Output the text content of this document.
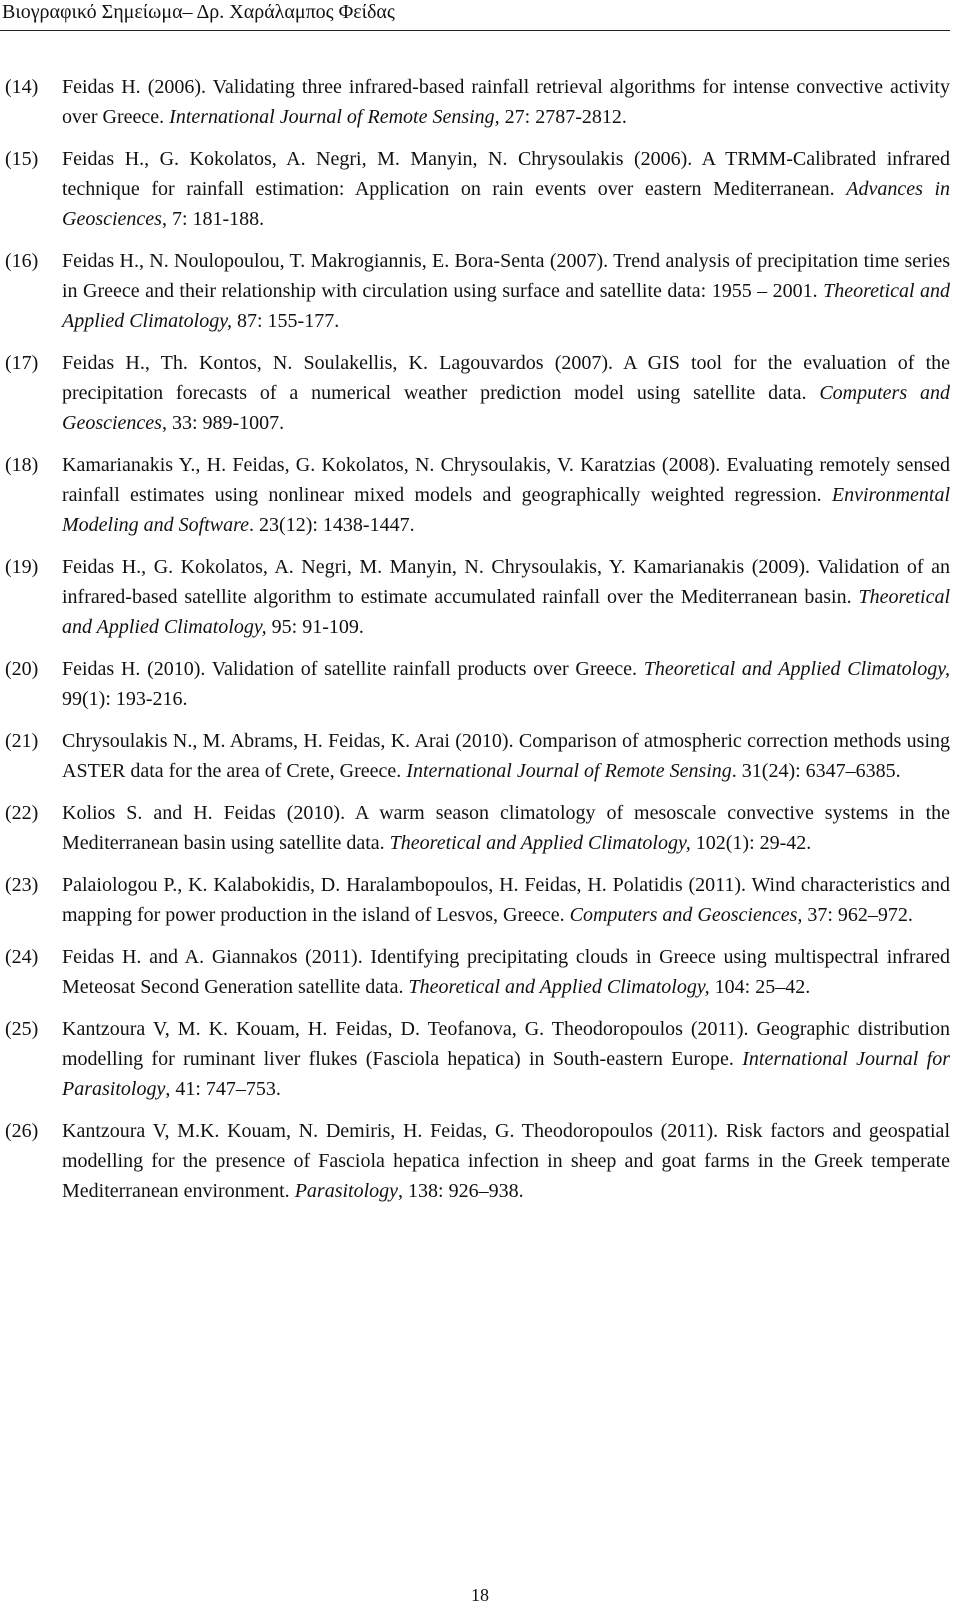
Βιογραφικό Σημείωμα– Δρ. Χαράλαμπος Φείδας
(14)	Feidas H. (2006). Validating three infrared-based rainfall retrieval algorithms for intense convective activity over Greece. International Journal of Remote Sensing, 27: 2787-2812.
(15)	Feidas H., G. Kokolatos, A. Negri, M. Manyin, N. Chrysoulakis (2006). A TRMM-Calibrated infrared technique for rainfall estimation: Application on rain events over eastern Mediterranean. Advances in Geosciences, 7: 181-188.
(16)	Feidas H., N. Noulopoulou, T. Makrogiannis, E. Bora-Senta (2007). Trend analysis of precipitation time series in Greece and their relationship with circulation using surface and satellite data: 1955 – 2001. Theoretical and Applied Climatology, 87: 155-177.
(17)	Feidas H., Th. Kontos, N. Soulakellis, K. Lagouvardos (2007). A GIS tool for the evaluation of the precipitation forecasts of a numerical weather prediction model using satellite data. Computers and Geosciences, 33: 989-1007.
(18)	Kamarianakis Y., H. Feidas, G. Kokolatos, N. Chrysoulakis, V. Karatzias (2008). Evaluating remotely sensed rainfall estimates using nonlinear mixed models and geographically weighted regression. Environmental Modeling and Software. 23(12): 1438-1447.
(19)	Feidas H., G. Kokolatos, A. Negri, M. Manyin, N. Chrysoulakis, Y. Kamarianakis (2009). Validation of an infrared-based satellite algorithm to estimate accumulated rainfall over the Mediterranean basin. Theoretical and Applied Climatology, 95: 91-109.
(20)	Feidas H. (2010). Validation of satellite rainfall products over Greece. Theoretical and Applied Climatology, 99(1): 193-216.
(21)	Chrysoulakis N., M. Abrams, H. Feidas, K. Arai (2010). Comparison of atmospheric correction methods using ASTER data for the area of Crete, Greece. International Journal of Remote Sensing. 31(24): 6347–6385.
(22)	Kolios S. and H. Feidas (2010). A warm season climatology of mesoscale convective systems in the Mediterranean basin using satellite data. Theoretical and Applied Climatology, 102(1): 29-42.
(23)	Palaiologou P., K. Kalabokidis, D. Haralambopoulos, H. Feidas, H. Polatidis (2011). Wind characteristics and mapping for power production in the island of Lesvos, Greece. Computers and Geosciences, 37: 962–972.
(24)	Feidas H. and A. Giannakos (2011). Identifying precipitating clouds in Greece using multispectral infrared Meteosat Second Generation satellite data. Theoretical and Applied Climatology, 104: 25–42.
(25)	Kantzoura V, M. K. Kouam, H. Feidas, D. Teofanova, G. Theodoropoulos (2011). Geographic distribution modelling for ruminant liver flukes (Fasciola hepatica) in South-eastern Europe. International Journal for Parasitology, 41: 747–753.
(26)	Kantzoura V, M.K. Kouam, N. Demiris, H. Feidas, G. Theodoropoulos (2011). Risk factors and geospatial modelling for the presence of Fasciola hepatica infection in sheep and goat farms in the Greek temperate Mediterranean environment. Parasitology, 138: 926–938.
18
